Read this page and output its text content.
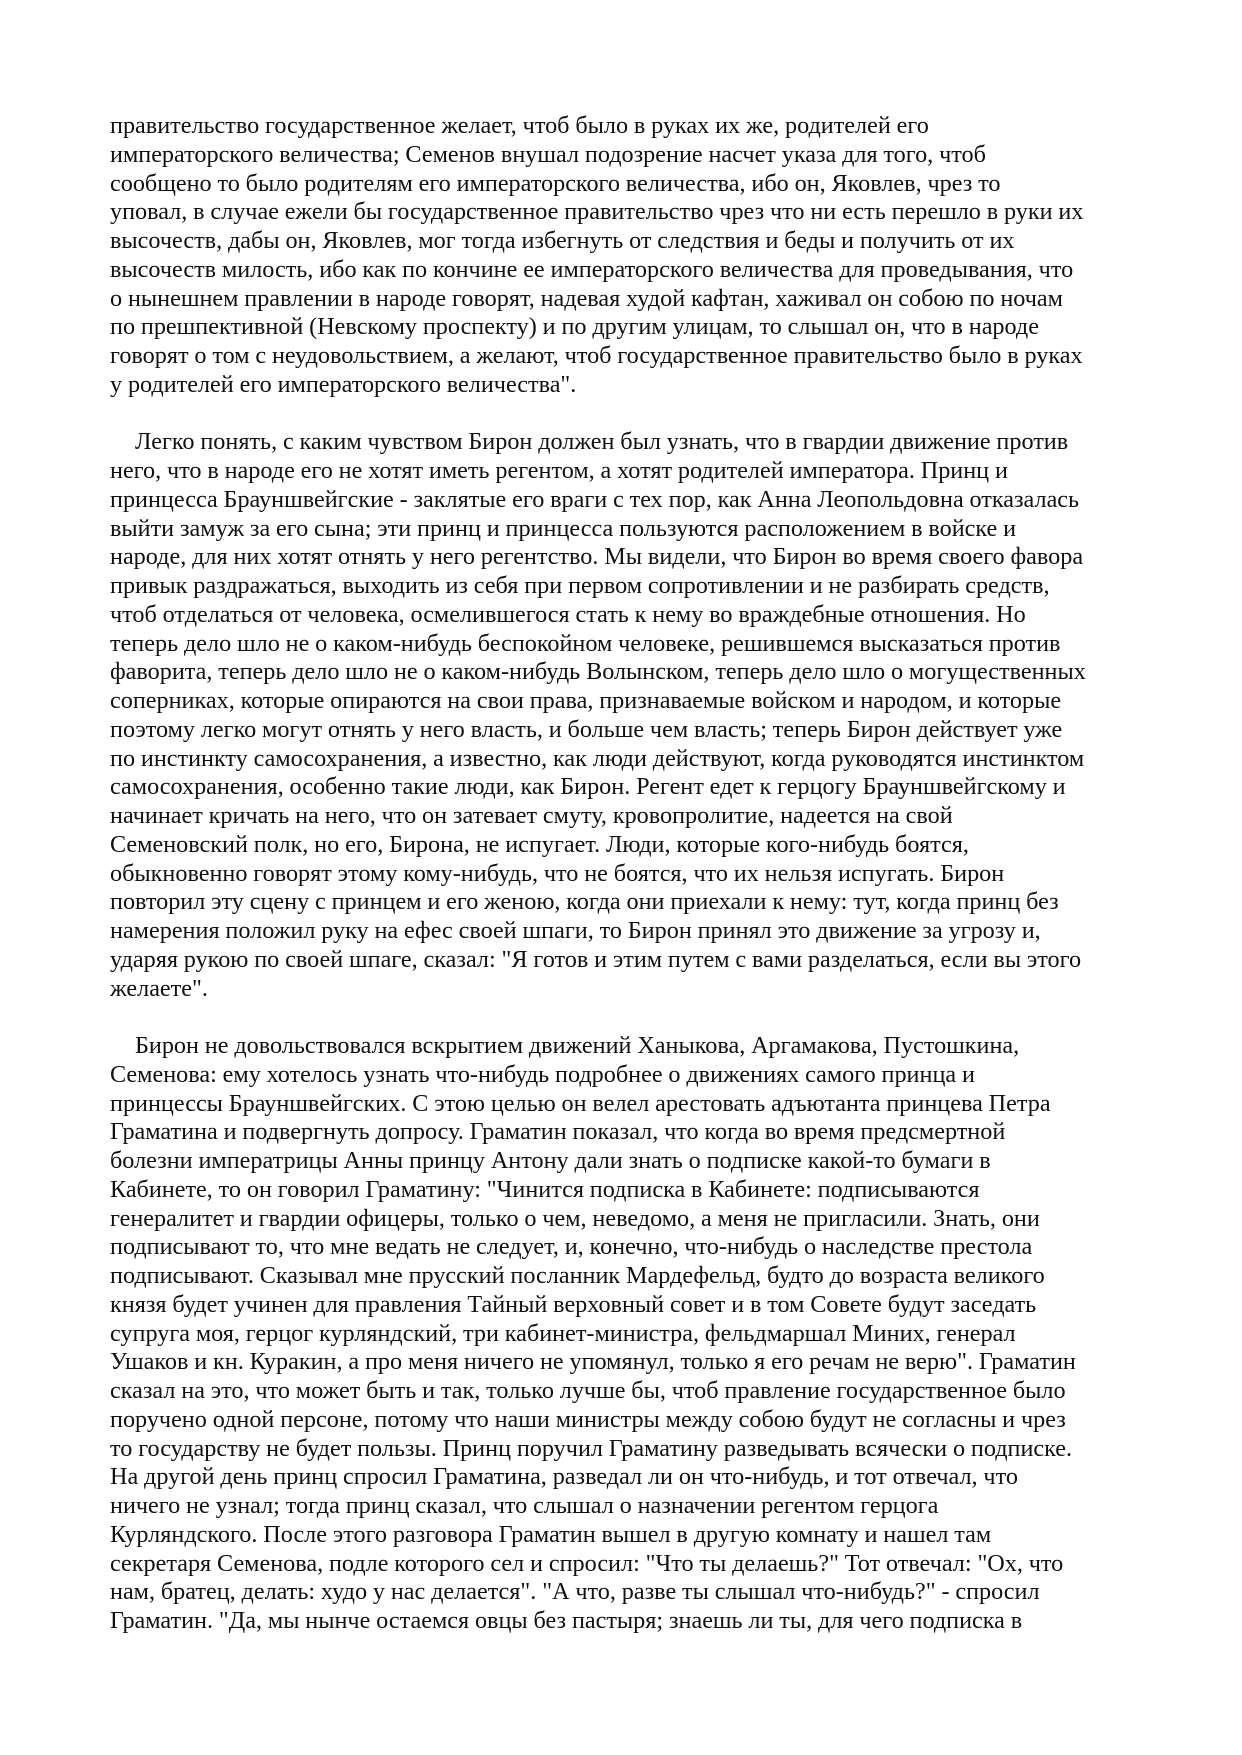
правительство государственное желает, чтоб было в руках их же, родителей его
императорского величества; Семенов внушал подозрение насчет указа для того, чтоб
сообщено то было родителям его императорского величества, ибо он, Яковлев, чрез то
уповал, в случае ежели бы государственное правительство чрез что ни есть перешло в руки их
высочеств, дабы он, Яковлев, мог тогда избегнуть от следствия и беды и получить от их
высочеств милость, ибо как по кончине ее императорского величества для проведывания, что
о нынешнем правлении в народе говорят, надевая худой кафтан, хаживал он собою по ночам
по прешпективной (Невскому проспекту) и по другим улицам, то слышал он, что в народе
говорят о том с неудовольствием, а желают, чтоб государственное правительство было в руках
у родителей его императорского величества".
Легко понять, с каким чувством Бирон должен был узнать, что в гвардии движение против
него, что в народе его не хотят иметь регентом, а хотят родителей императора. Принц и
принцесса Брауншвейгские - заклятые его враги с тех пор, как Анна Леопольдовна отказалась
выйти замуж за его сына; эти принц и принцесса пользуются расположением в войске и
народе, для них хотят отнять у него регентство. Мы видели, что Бирон во время своего фавора
привык раздражаться, выходить из себя при первом сопротивлении и не разбирать средств,
чтоб отделаться от человека, осмелившегося стать к нему во враждебные отношения. Но
теперь дело шло не о каком-нибудь беспокойном человеке, решившемся высказаться против
фаворита, теперь дело шло не о каком-нибудь Волынском, теперь дело шло о могущественных
соперниках, которые опираются на свои права, признаваемые войском и народом, и которые
поэтому легко могут отнять у него власть, и больше чем власть; теперь Бирон действует уже
по инстинкту самосохранения, а известно, как люди действуют, когда руководятся инстинктом
самосохранения, особенно такие люди, как Бирон. Регент едет к герцогу Брауншвейгскому и
начинает кричать на него, что он затевает смуту, кровопролитие, надеется на свой
Семеновский полк, но его, Бирона, не испугает. Люди, которые кого-нибудь боятся,
обыкновенно говорят этому кому-нибудь, что не боятся, что их нельзя испугать. Бирон
повторил эту сцену с принцем и его женою, когда они приехали к нему: тут, когда принц без
намерения положил руку на ефес своей шпаги, то Бирон принял это движение за угрозу и,
ударяя рукою по своей шпаге, сказал: "Я готов и этим путем с вами разделаться, если вы этого
желаете".
Бирон не довольствовался вскрытием движений Ханыкова, Аргамакова, Пустошкина,
Семенова: ему хотелось узнать что-нибудь подробнее о движениях самого принца и
принцессы Брауншвейгских. С этою целью он велел арестовать адъютанта принцева Петра
Граматина и подвергнуть допросу. Граматин показал, что когда во время предсмертной
болезни императрицы Анны принцу Антону дали знать о подписке какой-то бумаги в
Кабинете, то он говорил Граматину: "Чинится подписка в Кабинете: подписываются
генералитет и гвардии офицеры, только о чем, неведомо, а меня не пригласили. Знать, они
подписывают то, что мне ведать не следует, и, конечно, что-нибудь о наследстве престола
подписывают. Сказывал мне прусский посланник Мардефельд, будто до возраста великого
князя будет учинен для правления Тайный верховный совет и в том Совете будут заседать
супруга моя, герцог курляндский, три кабинет-министра, фельдмаршал Миних, генерал
Ушаков и кн. Куракин, а про меня ничего не упомянул, только я его речам не верю". Граматин
сказал на это, что может быть и так, только лучше бы, чтоб правление государственное было
поручено одной персоне, потому что наши министры между собою будут не согласны и чрез
то государству не будет пользы. Принц поручил Граматину разведывать всячески о подписке.
На другой день принц спросил Граматина, разведал ли он что-нибудь, и тот отвечал, что
ничего не узнал; тогда принц сказал, что слышал о назначении регентом герцога
Курляндского. После этого разговора Граматин вышел в другую комнату и нашел там
секретаря Семенова, подле которого сел и спросил: "Что ты делаешь?" Тот отвечал: "Ох, что
нам, братец, делать: худо у нас делается". "А что, разве ты слышал что-нибудь?" - спросил
Граматин. "Да, мы нынче остаемся овцы без пастыря; знаешь ли ты, для чего подписка в
